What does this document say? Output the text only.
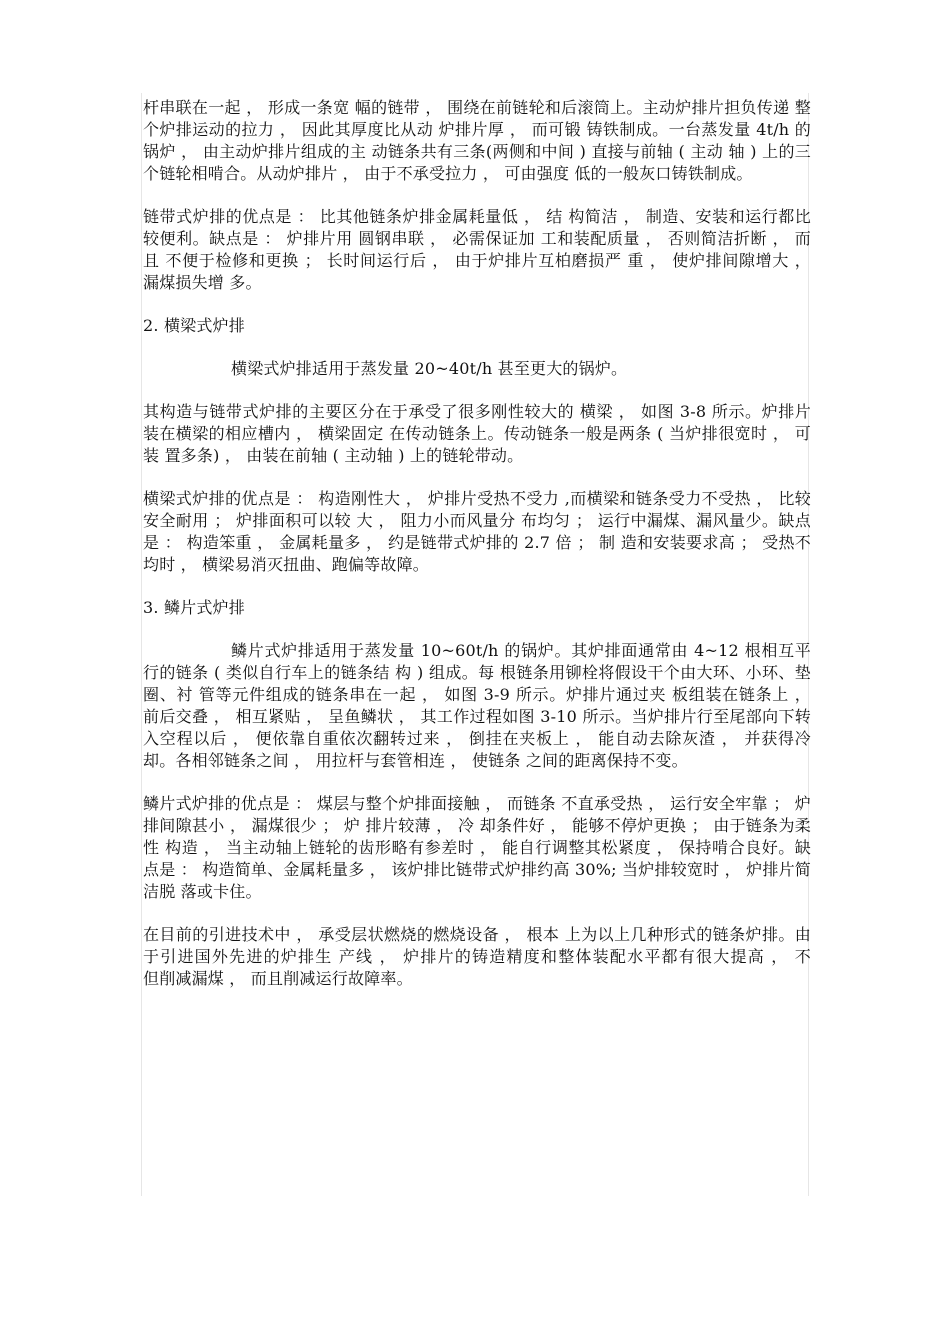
杆串联在一起 ， 形成一条宽 幅的链带 ， 围绕在前链轮和后滚筒上。主动炉排片担负传递 整个炉排运动的拉力 ， 因此其厚度比从动 炉排片厚 ， 而可锻 铸铁制成。一台蒸发量 4t/h 的锅炉 ， 由主动炉排片组成的主 动链条共有三条(两侧和中间 ) 直接与前轴 ( 主动 轴 ) 上的三个链轮相啃合。从动炉排片 ， 由于不承受拉力 ， 可由强度 低的一般灰口铸铁制成。

链带式炉排的优点是 ： 比其他链条炉排金属耗量低 ， 结 构简洁 ， 制造、安装和运行都比较便利。缺点是 ： 炉排片用 圆钢串联 ， 必需保证加 工和装配质量 ， 否则简洁折断 ， 而且 不便于检修和更换 ； 长时间运行后 ， 由于炉排片互柏磨损严 重 ， 使炉排间隙增大 ， 漏煤损失增 多。

2. 横梁式炉排

横梁式炉排适用于蒸发量 20~40t/h 甚至更大的锅炉。

其构造与链带式炉排的主要区分在于承受了很多刚性较大的 横梁 ， 如图 3-8 所示。炉排片装在横梁的相应槽内 ， 横梁固定 在传动链条上。传动链条一般是两条 ( 当炉排很宽时 ， 可装 置多条) ， 由装在前轴 ( 主动轴 ) 上的链轮带动。

横梁式炉排的优点是 ： 构造刚性大 ， 炉排片受热不受力 ,而横梁和链条受力不受热 ， 比较安全耐用 ； 炉排面积可以较 大 ， 阻力小而风量分 布均匀 ； 运行中漏煤、漏风量少。缺点是 ： 构造笨重 ， 金属耗量多 ， 约是链带式炉排的 2.7 倍 ； 制 造和安装要求高 ； 受热不均时 ， 横梁易消灭扭曲、跑偏等故障。

3. 鳞片式炉排

鳞片式炉排适用于蒸发量 10~60t/h 的锅炉。其炉排面通常由 4~12 根相互平行的链条 ( 类似自行车上的链条结 构 ) 组成。每 根链条用铆栓将假设干个由大环、小环、垫圈、衬 管等元件组成的链条串在一起 ， 如图 3-9 所示。炉排片通过夹 板组装在链条上 ， 前后交叠 ， 相互紧贴 ， 呈鱼鳞状 ， 其工作过程如图 3-10 所示。当炉排片行至尾部向下转入空程以后 ， 便依靠自重依次翻转过来 ， 倒挂在夹板上 ， 能自动去除灰渣 ， 并获得冷却。各相邻链条之间 ， 用拉杆与套管相连 ， 使链条 之间的距离保持不变。

鳞片式炉排的优点是 ： 煤层与整个炉排面接触 ， 而链条 不直承受热 ， 运行安全牢靠 ； 炉排间隙甚小 ， 漏煤很少 ； 炉 排片较薄 ， 冷 却条件好 ， 能够不停炉更换 ； 由于链条为柔性 构造 ， 当主动轴上链轮的齿形略有参差时 ， 能自行调整其松紧度 ， 保持啃合良好。缺点是 ： 构造简单、金属耗量多 ， 该炉排比链带式炉排约高 30%; 当炉排较宽时 ， 炉排片简洁脱 落或卡住。

在目前的引进技术中 ， 承受层状燃烧的燃烧设备 ， 根本 上为以上几种形式的链条炉排。由于引进国外先进的炉排生 产线 ， 炉排片的铸造精度和整体装配水平都有很大提高 ， 不　　　　　但削减漏煤 ， 而且削减运行故障率。
